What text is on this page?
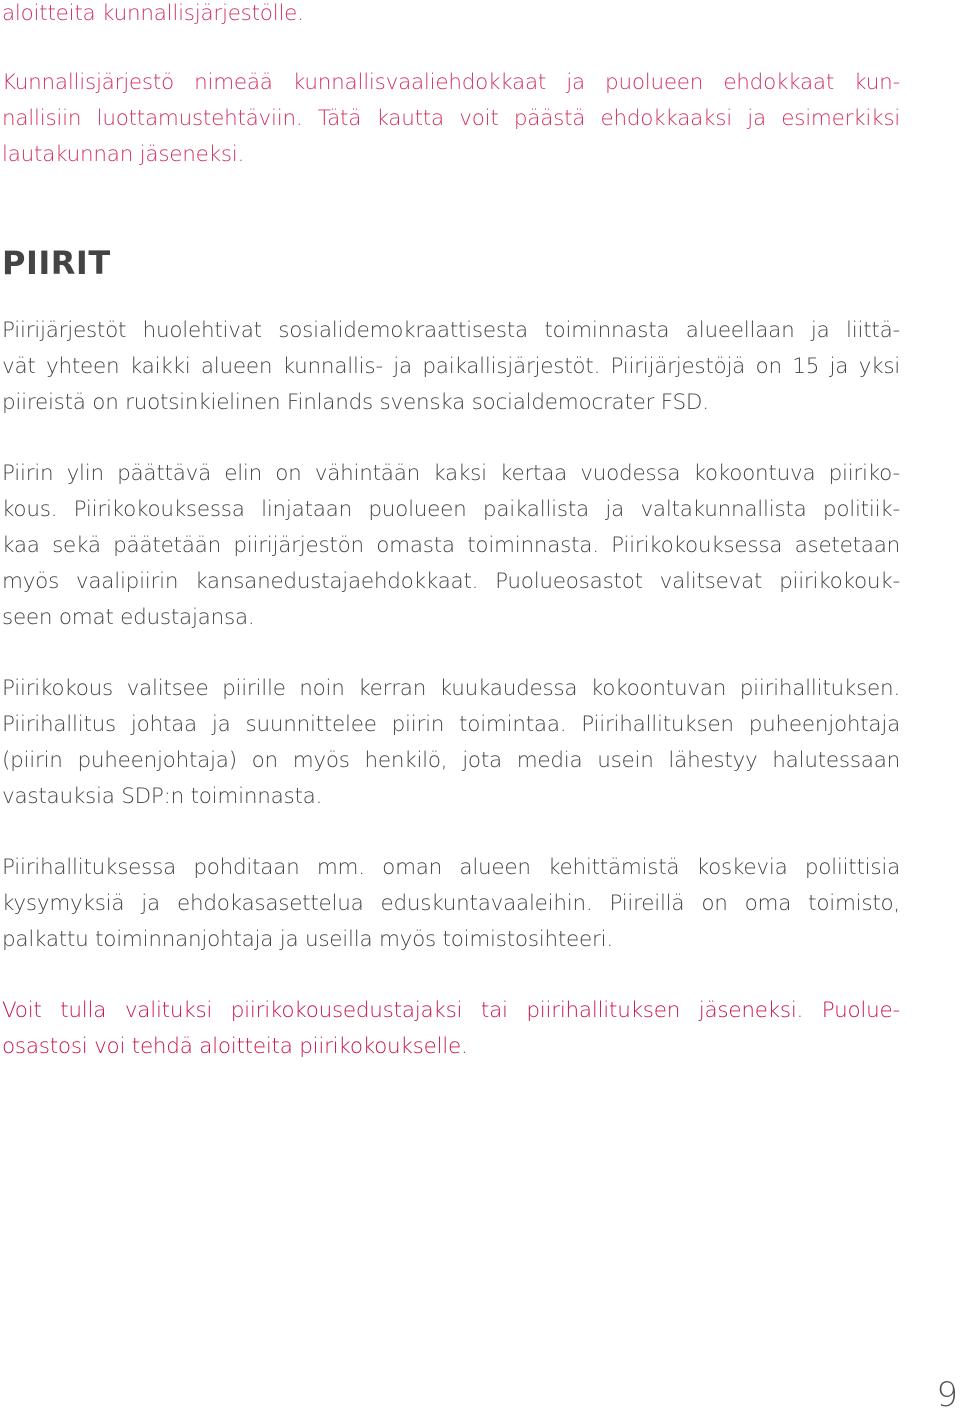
aloitteita kunnallisjärjestölle.

Kunnallisjärjestö nimeää kunnallisvaaliehdokkaat ja puolueen ehdokkaat kun-
nallisiin luottamustehtäviin. Tätä kautta voit päästä ehdokkaaksi ja esimerkiksi
lautakunnan jäseneksi.

PIIRIT

Piirijärjestöt huolehtivat sosialidemokraattisesta toiminnasta alueellaan ja liittä-
vät yhteen kaikki alueen kunnallis- ja paikallisjärjestöt. Piirijärjestöjä on 15 ja yksi
piireistä on ruotsinkielinen Finlands svenska socialdemocrater FSD.

Piirin ylin päättävä elin on vähintään kaksi kertaa vuodessa kokoontuva piiriko-
kous. Piirikokouksessa linjataan puolueen paikallista ja valtakunnallista politiik-
kaa sekä päätetään piirijärjestön omasta toiminnasta. Piirikokouksessa asetetaan
myös vaalipiirin kansanedustajaehdokkaat. Puolueosastot valitsevat piirikokouk-
seen omat edustajansa.

Piirikokous valitsee piirille noin kerran kuukaudessa kokoontuvan piirihallituksen.
Piirihallitus johtaa ja suunnittelee piirin toimintaa. Piirihallituksen puheenjohtaja
(piirin puheenjohtaja) on myös henkilö, jota media usein lähestyy halutessaan
vastauksia SDP:n toiminnasta.

Piirihallituksessa pohditaan mm. oman alueen kehittämistä koskevia poliittisia
kysymyksiä ja ehdokasasettelua eduskuntavaaleihin. Piireillä on oma toimisto,
palkattu toiminnanjohtaja ja useilla myös toimistosihteeri.

Voit tulla valituksi piirikokousedustajaksi tai piirihallituksen jäseneksi. Puolue-
osastosi voi tehdä aloitteita piirikokoukselle.

9
